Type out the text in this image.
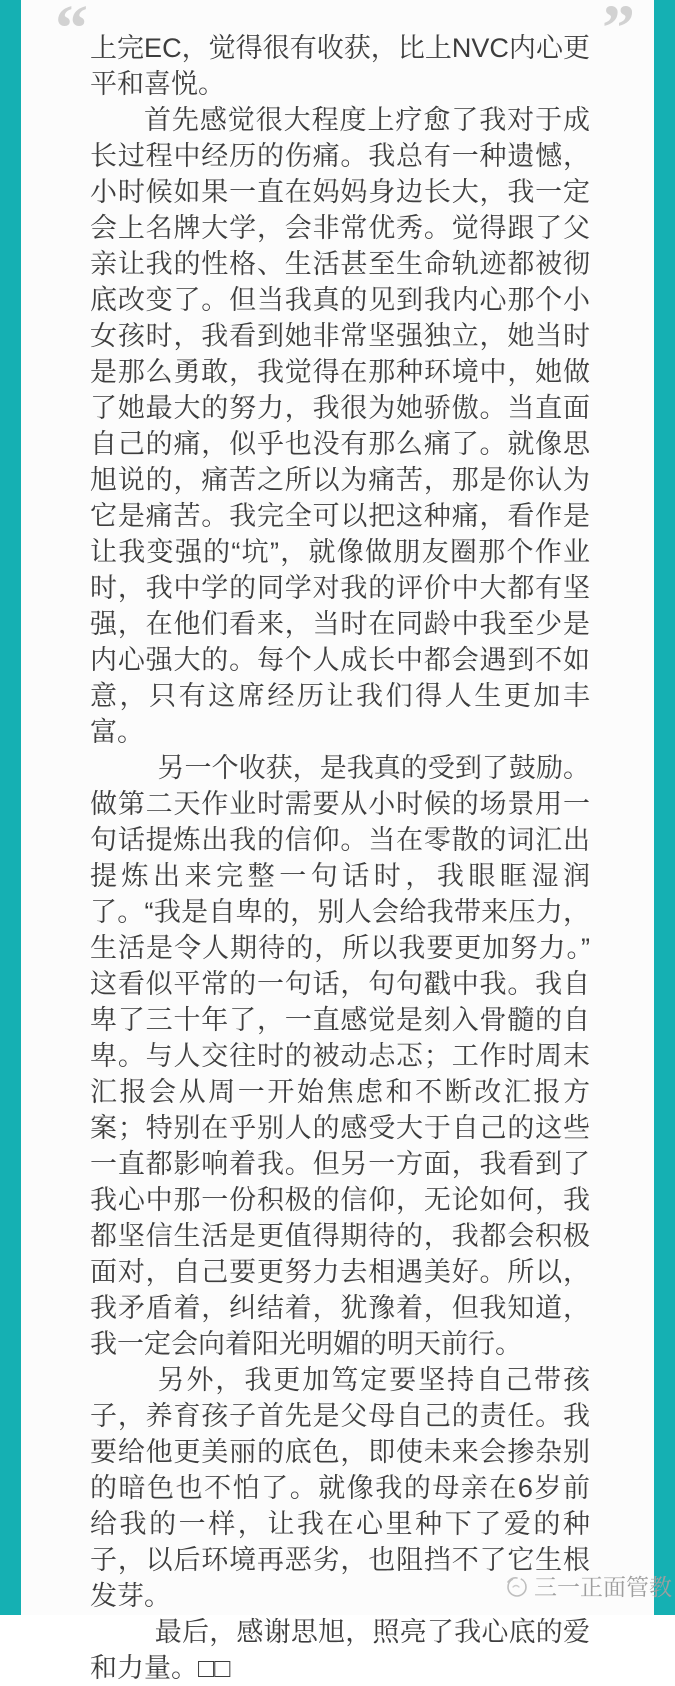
“	”

上完EC，觉得很有收获，比上NVC内心更平和喜悦。

首先感觉很大程度上疗愈了我对于成长过程中经历的伤痛。我总有一种遗憾，小时候如果一直在妈妈身边长大，我一定会上名牌大学，会非常优秀。觉得跟了父亲让我的性格、生活甚至生命轨迹都被彻底改变了。但当我真的见到我内心那个小女孩时，我看到她非常坚强独立，她当时是那么勇敢，我觉得在那种环境中，她做了她最大的努力，我很为她骄傲。当直面自己的痛，似乎也没有那么痛了。就像思旭说的，痛苦之所以为痛苦，那是你认为它是痛苦。我完全可以把这种痛，看作是让我变强的“坑”，就像做朋友圈那个作业时，我中学的同学对我的评价中大都有坚强，在他们看来，当时在同龄中我至少是内心强大的。每个人成长中都会遇到不如意，只有这席经历让我们得人生更加丰富。

另一个收获，是我真的受到了鼓励。做第二天作业时需要从小时候的场景用一句话提炼出我的信仰。当在零散的词汇出提炼出来完整一句话时，我眼眶湿润了。“我是自卑的，别人会给我带来压力，生活是令人期待的，所以我要更加努力。” 这看似平常的一句话，句句戳中我。我自卑了三十年了，一直感觉是刻入骨髓的自卑。与人交往时的被动忐忑；工作时周末汇报会从周一开始焦虑和不断改汇报方案；特别在乎别人的感受大于自己的这些一直都影响着我。但另一方面，我看到了我心中那一份积极的信仰，无论如何，我都坚信生活是更值得期待的，我都会积极面对，自己要更努力去相遇美好。所以，我矛盾着，纠结着，犹豫着，但我知道，我一定会向着阳光明媚的明天前行。

另外，我更加笃定要坚持自己带孩子，养育孩子首先是父母自己的责任。我要给他更美丽的底色，即使未来会掺杂别的暗色也不怕了。就像我的母亲在6岁前给我的一样，让我在心里种下了爱的种子，以后环境再恶劣，也阻挡不了它生根发芽。

最后，感谢思旭，照亮了我心底的爱和力量。□□

三一正面管教
